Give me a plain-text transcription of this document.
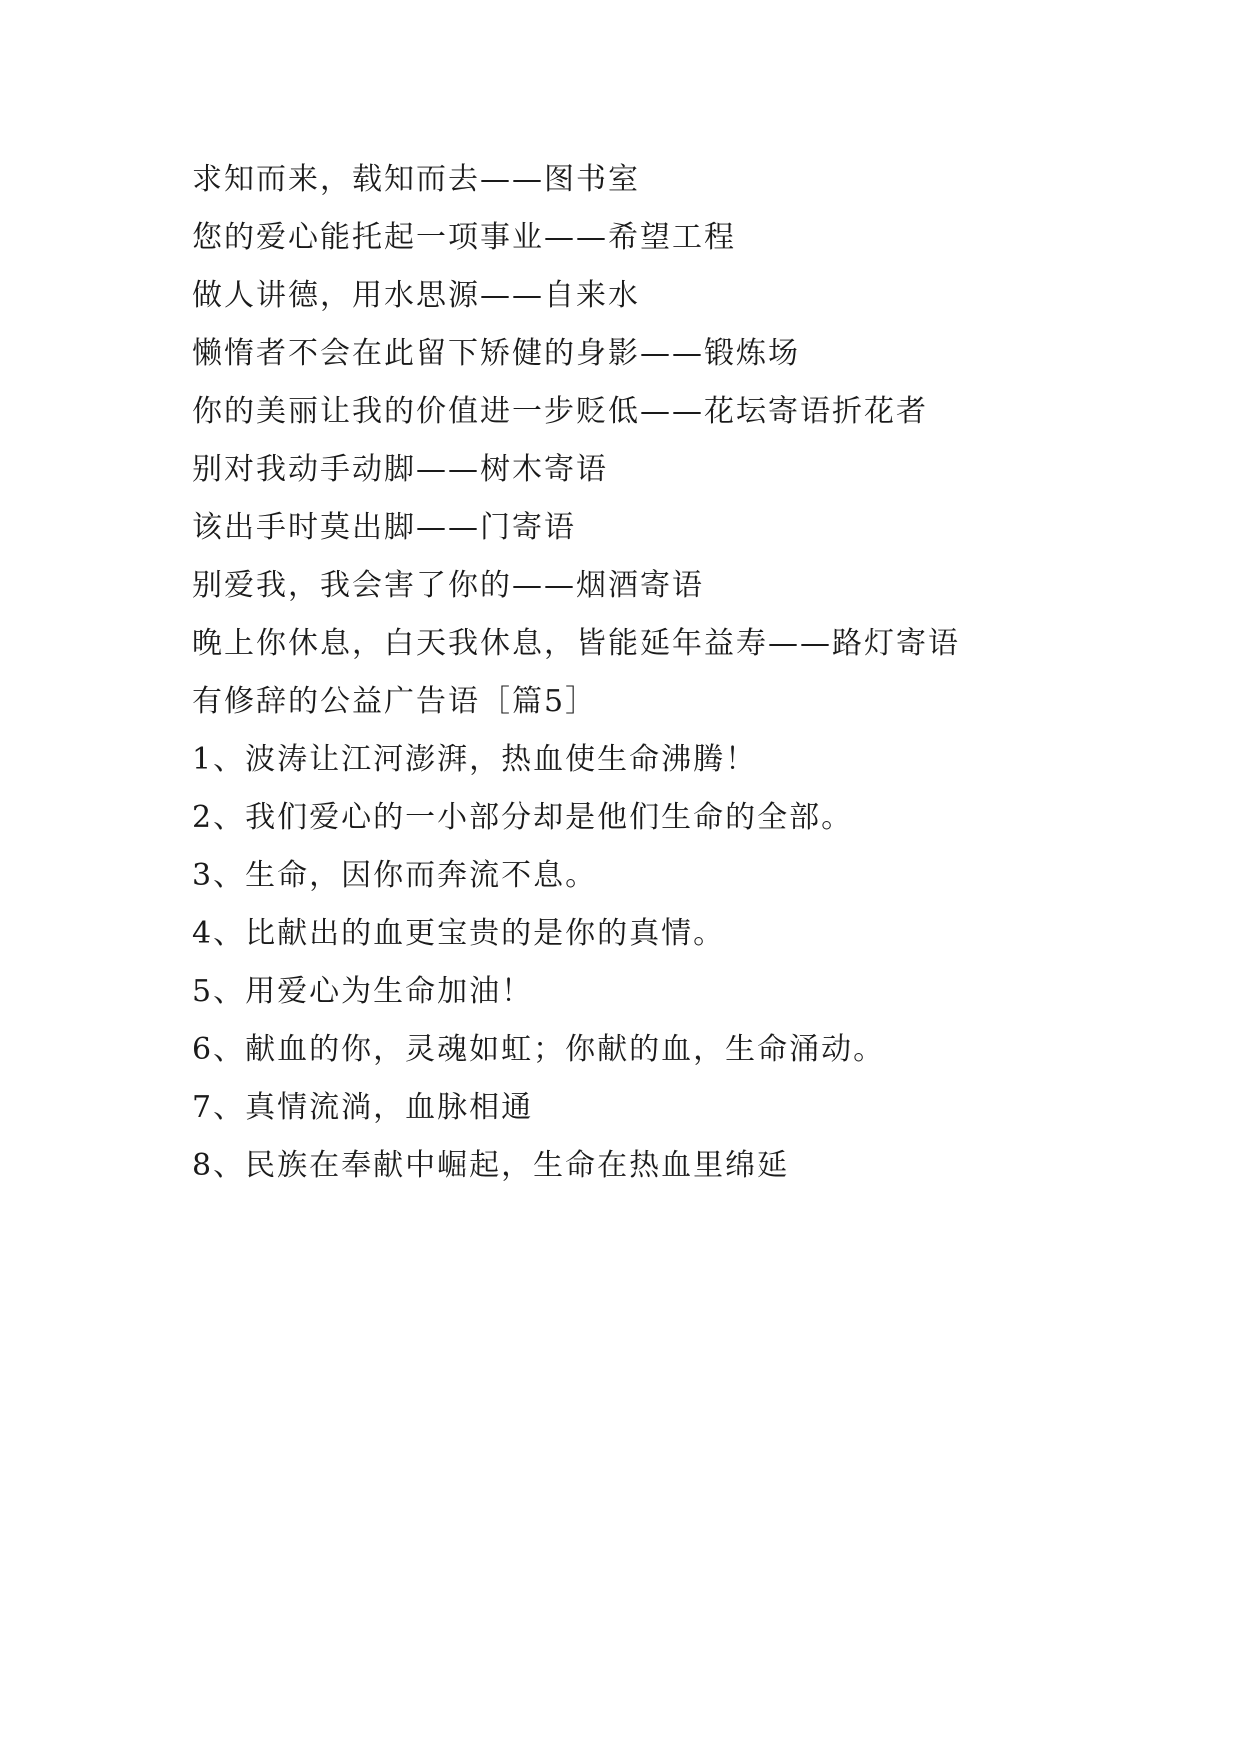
求知而来，载知而去——图书室
您的爱心能托起一项事业——希望工程
做人讲德，用水思源——自来水
懒惰者不会在此留下矫健的身影——锻炼场
你的美丽让我的价值进一步贬低——花坛寄语折花者
别对我动手动脚——树木寄语
该出手时莫出脚——门寄语
别爱我，我会害了你的——烟酒寄语
晚上你休息，白天我休息，皆能延年益寿——路灯寄语
有修辞的公益广告语［篇5］
1、波涛让江河澎湃，热血使生命沸腾！
2、我们爱心的一小部分却是他们生命的全部。
3、生命，因你而奔流不息。
4、比献出的血更宝贵的是你的真情。
5、用爱心为生命加油！
6、献血的你，灵魂如虹；你献的血，生命涌动。
7、真情流淌，血脉相通
8、民族在奉献中崛起，生命在热血里绵延
